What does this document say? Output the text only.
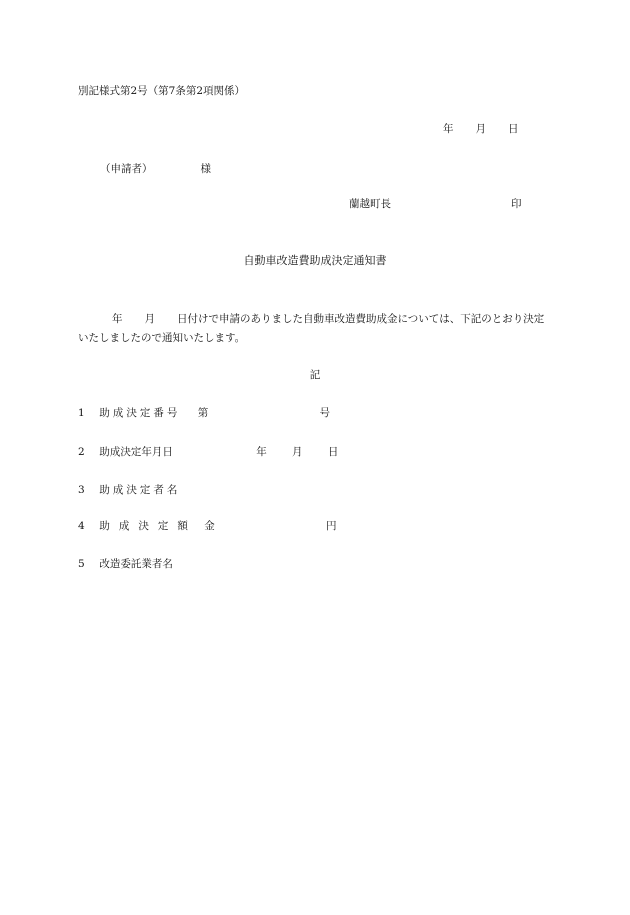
別記様式第2号（第7条第2項関係）
年 月 日
（申請者）	様
蘭越町長	印
自動車改造費助成決定通知書
年 月 日付けで申請のありました自動車改造費助成金については、下記のとおり決定いたしましたので通知いたします。
記
1 助成決定番号 第	号
2 助成決定年月日	年 月 日
3 助成決定者名
4 助成決定額 金	円
5 改造委託業者名
